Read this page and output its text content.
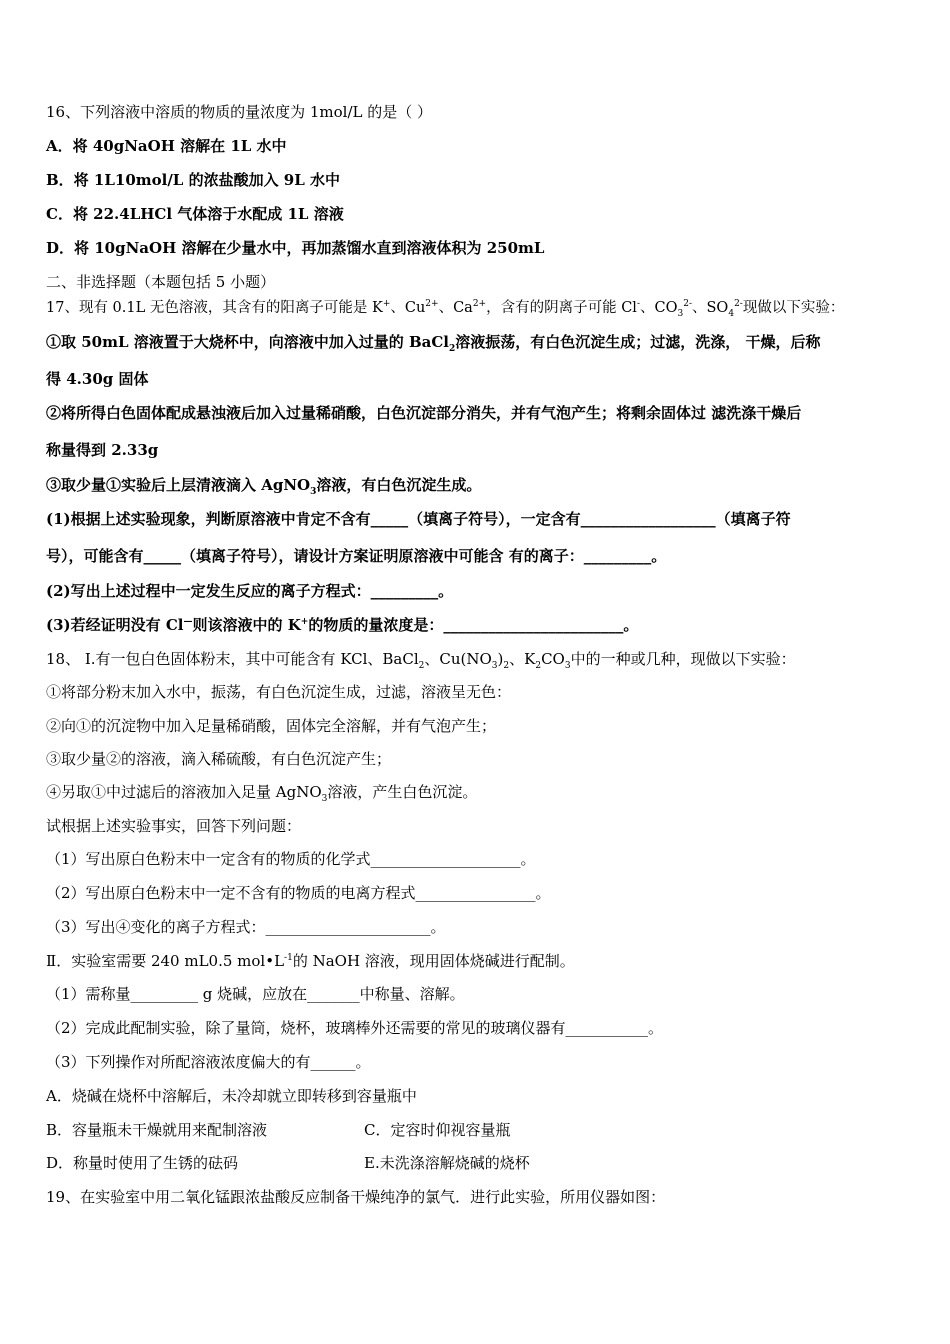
16、下列溶液中溶质的物质的量浓度为 1mol/L 的是（ ）
A．将 40gNaOH 溶解在 1L 水中
B．将 1L10mol/L 的浓盐酸加入 9L 水中
C．将 22.4LHCl 气体溶于水配成 1L 溶液
D．将 10gNaOH 溶解在少量水中，再加蒸馏水直到溶液体积为 250mL
二、非选择题（本题包括 5 小题）
17、现有 0.1L 无色溶液，其含有的阳离子可能是 K+、$Cu^{2+}$、$Ca^{2+}$，含有的阴离子可能 Cl-、$CO_3^{2-}$、$SO_4^{2-}$现做以下实验：
①取 50mL 溶液置于大烧杯中，向溶液中加入过量的 BaCl$_2$溶液振荡，有白色沉淀生成；过滤，洗涤， 干燥，后称
得 4.30g 固体
②将所得白色固体配成悬浊液后加入过量稀硝酸，白色沉淀部分消失，并有气泡产生；将剩余固体过 滤洗涤干燥后
称量得到 2.33g
③取少量①实验后上层清液滴入 AgNO$_3$溶液，有白色沉淀生成。
(1)根据上述实验现象，判断原溶液中肯定不含有_____（填离子符号），一定含有__________________（填离子符
号），可能含有_____（填离子符号），请设计方案证明原溶液中可能含 有的离子：_________。
(2)写出上述过程中一定发生反应的离子方程式：_________。
(3)若经证明没有 Cl—则该溶液中的 K+的物质的量浓度是：________________________。
18、 Ⅰ.有一包白色固体粉末，其中可能含有 KCl、BaCl$_2$、$Cu(NO_3)_2$、$K_2CO_3$中的一种或几种，现做以下实验：
①将部分粉末加入水中，振荡，有白色沉淀生成，过滤，溶液呈无色：
②向①的沉淀物中加入足量稀硝酸，固体完全溶解，并有气泡产生；
③取少量②的溶液，滴入稀硫酸，有白色沉淀产生；
④另取①中过滤后的溶液加入足量 AgNO$_3$溶液，产生白色沉淀。
试根据上述实验事实，回答下列问题：
（1）写出原白色粉末中一定含有的物质的化学式____________________。
（2）写出原白色粉末中一定不含有的物质的电离方程式________________。
（3）写出④变化的离子方程式：______________________。
Ⅱ．实验室需要 240 mL0.5 $mol•L^{-1}$的 NaOH 溶液，现用固体烧碱进行配制。
（1）需称量_________ g 烧碱，应放在_______中称量、溶解。
（2）完成此配制实验，除了量筒，烧杯，玻璃棒外还需要的常见的玻璃仪器有___________。
（3）下列操作对所配溶液浓度偏大的有______。
A．烧碱在烧杯中溶解后，未冷却就立即转移到容量瓶中
B．容量瓶未干燥就用来配制溶液	C．定容时仰视容量瓶
D．称量时使用了生锈的砝码	E.未洗涤溶解烧碱的烧杯
19、在实验室中用二氧化锰跟浓盐酸反应制备干燥纯净的氯气．进行此实验，所用仪器如图：
